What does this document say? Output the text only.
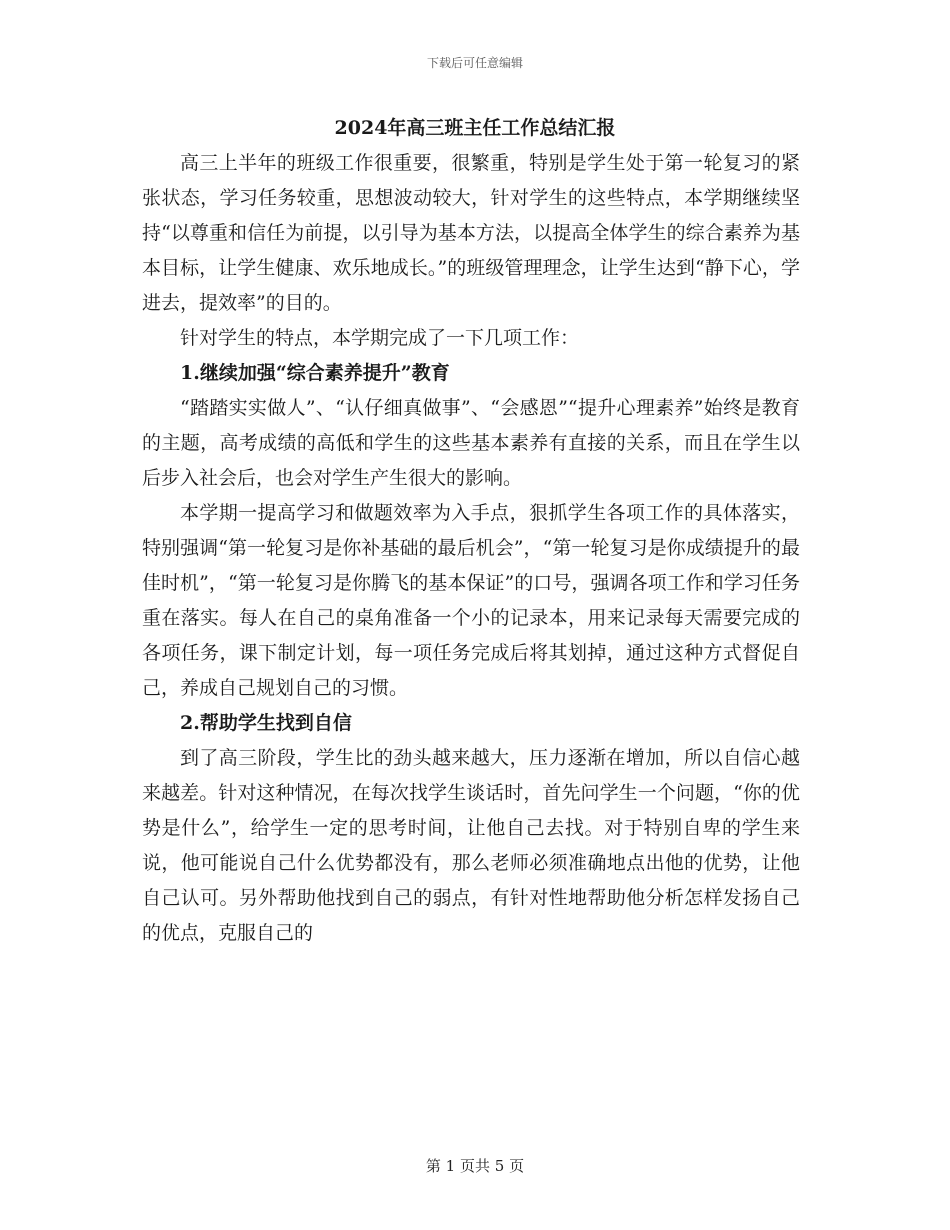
下载后可任意编辑
2024年高三班主任工作总结汇报

高三上半年的班级工作很重要，很繁重，特别是学生处于第一轮复习的紧张状态，学习任务较重，思想波动较大，针对学生的这些特点，本学期继续坚持“以尊重和信任为前提，以引导为基本方法，以提高全体学生的综合素养为基本目标，让学生健康、欢乐地成长。”的班级管理理念，让学生达到“静下心，学进去，提效率”的目的。

针对学生的特点，本学期完成了一下几项工作：

1.继续加强“综合素养提升”教育

“踏踏实实做人”、“认仔细真做事”、“会感恩”“提升心理素养”始终是教育的主题，高考成绩的高低和学生的这些基本素养有直接的关系，而且在学生以后步入社会后，也会对学生产生很大的影响。

本学期一提高学习和做题效率为入手点，狠抓学生各项工作的具体落实，特别强调“第一轮复习是你补基础的最后机会”，“第一轮复习是你成绩提升的最佳时机”，“第一轮复习是你腾飞的基本保证”的口号，强调各项工作和学习任务重在落实。每人在自己的桌角准备一个小的记录本，用来记录每天需要完成的各项任务，课下制定计划，每一项任务完成后将其划掉，通过这种方式督促自己，养成自己规划自己的习惯。

2.帮助学生找到自信

到了高三阶段，学生比的劲头越来越大，压力逐渐在增加，所以自信心越来越差。针对这种情况，在每次找学生谈话时，首先问学生一个问题，“你的优势是什么”，给学生一定的思考时间，让他自己去找。对于特别自卑的学生来说，他可能说自己什么优势都没有，那么老师必须准确地点出他的优势，让他自己认可。另外帮助他找到自己的弱点，有针对性地帮助他分析怎样发扬自己的优点，克服自己的

第 1 页共 5 页
